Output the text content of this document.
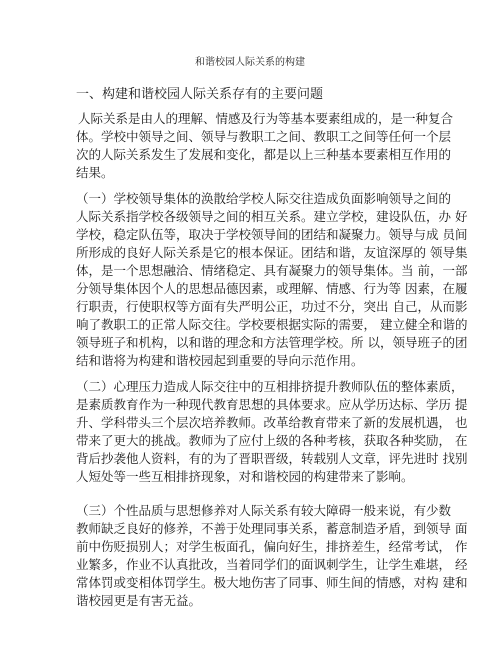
和谐校园人际关系的构建
一、构建和谐校园人际关系存有的主要问题
人际关系是由人的理解、情感及行为等基本要素组成的，是一种复合
体。学校中领导之间、领导与教职工之间、教职工之间等任何一个层
次的人际关系发生了发展和变化，都是以上三种基本要素相互作用的
结果。
（一）学校领导集体的涣散给学校人际交往造成负面影响领导之间的
人际关系指学校各级领导之间的相互关系。建立学校，建设队伍，办 好
学校，稳定队伍等，取决于学校领导间的团结和凝聚力。领导与成 员间
所形成的良好人际关系是它的根本保证。团结和谐，友谊深厚的 领导集
体，是一个思想融洽、情绪稳定、具有凝聚力的领导集体。当 前，一部
分领导集体因个人的思想品德因素，或理解、情感、行为等 因素，在履
行职责，行使职权等方面有失严明公正，功过不分，突出 自己，从而影
响了教职工的正常人际交往。学校要根据实际的需要， 建立健全和谐的
领导班子和机构，以和谐的理念和方法管理学校。所 以，领导班子的团
结和谐将为构建和谐校园起到重要的导向示范作用。
（二）心理压力造成人际交往中的互相排挤提升教师队伍的整体素质，
是素质教育作为一种现代教育思想的具体要求。应从学历达标、学历 提
升、学科带头三个层次培养教师。改革给教育带来了新的发展机遇， 也
带来了更大的挑战。教师为了应付上级的各种考核，获取各种奖励， 在
背后抄袭他人资料，有的为了晋职晋级，转载别人文章，评先进时 找别
人短处等一些互相排挤现象，对和谐校园的构建带来了影响。
（三）个性品质与思想修养对人际关系有较大障碍一般来说，有少数
教师缺乏良好的修养，不善于处理同事关系，蓄意制造矛盾，到领导 面
前中伤贬损别人；对学生板面孔，偏向好生，排挤差生，经常考试， 作
业繁多，作业不认真批改，当着同学们的面讽刺学生，让学生难堪， 经
常体罚或变相体罚学生。极大地伤害了同事、师生间的情感，对构 建和
谐校园更是有害无益。
